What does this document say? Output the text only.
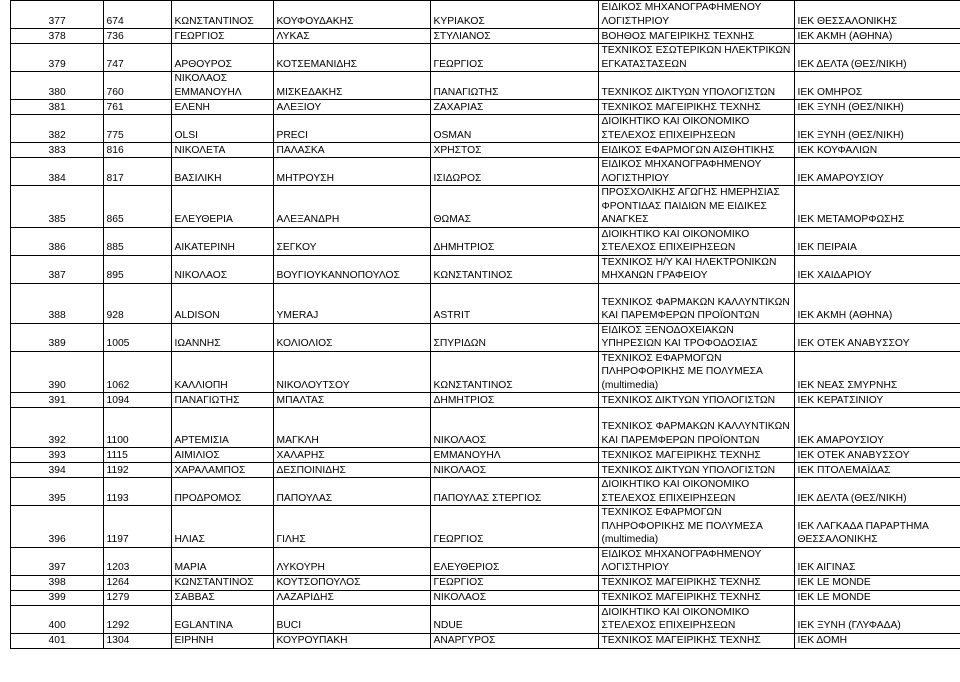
	377	674	ΚΩΝΣΤΑΝΤΙΝΟΣ	ΚΟΥΦΟΥΔΑΚΗΣ	ΚΥΡΙΑΚΟΣ	ΕΙΔΙΚΟΣ ΜΗΧΑΝΟΓΡΑΦΗΜΕΝΟΥ ΛΟΓΙΣΤΗΡΙΟΥ	ΙΕΚ ΘΕΣΣΑΛΟΝΙΚΗΣ
	378	736	ΓΕΩΡΓΙΟΣ	ΛΥΚΑΣ	ΣΤΥΛΙΑΝΟΣ	ΒΟΗΘΟΣ ΜΑΓΕΙΡΙΚΗΣ ΤΕΧΝΗΣ	ΙΕΚ ΑΚΜΗ (ΑΘΗΝΑ)
	379	747	ΑΡΘΟΥΡΟΣ	ΚΟΤΣΕΜΑΝΙΔΗΣ	ΓΕΩΡΓΙΟΣ	ΤΕΧΝΙΚΟΣ ΕΣΩΤΕΡΙΚΩΝ ΗΛΕΚΤΡΙΚΩΝ ΕΓΚΑΤΑΣΤΑΣΕΩΝ	ΙΕΚ ΔΕΛΤΑ (ΘΕΣ/ΝΙΚΗ)
	380	760	ΝΙΚΟΛΑΟΣ ΕΜΜΑΝΟΥΗΛ	ΜΙΣΚΕΔΑΚΗΣ	ΠΑΝΑΓΙΩΤΗΣ	ΤΕΧΝΙΚΟΣ ΔΙΚΤΥΩΝ ΥΠΟΛΟΓΙΣΤΩΝ	ΙΕΚ ΟΜΗΡΟΣ
	381	761	ΕΛΕΝΗ	ΑΛΕΞΙΟΥ	ΖΑΧΑΡΙΑΣ	ΤΕΧΝΙΚΟΣ ΜΑΓΕΙΡΙΚΗΣ ΤΕΧΝΗΣ	ΙΕΚ ΞΥΝΗ (ΘΕΣ/ΝΙΚΗ)
	382	775	OLSI	PRECI	OSMAN	ΔΙΟΙΚΗΤΙΚΟ ΚΑΙ ΟΙΚΟΝΟΜΙΚΟ ΣΤΕΛΕΧΟΣ ΕΠΙΧΕΙΡΗΣΕΩΝ	ΙΕΚ ΞΥΝΗ (ΘΕΣ/ΝΙΚΗ)
	383	816	ΝΙΚΟΛΕΤΑ	ΠΑΛΑΣΚΑ	ΧΡΗΣΤΟΣ	ΕΙΔΙΚΟΣ ΕΦΑΡΜΟΓΩΝ ΑΙΣΘΗΤΙΚΗΣ	ΙΕΚ ΚΟΥΦΑΛΙΩΝ
	384	817	ΒΑΣΙΛΙΚΗ	ΜΗΤΡΟΥΣΗ	ΙΣΙΔΩΡΟΣ	ΕΙΔΙΚΟΣ ΜΗΧΑΝΟΓΡΑΦΗΜΕΝΟΥ ΛΟΓΙΣΤΗΡΙΟΥ	ΙΕΚ ΑΜΑΡΟΥΣΙΟΥ
	385	865	ΕΛΕΥΘΕΡΙΑ	ΑΛΕΞΑΝΔΡΗ	ΘΩΜΑΣ	ΠΡΟΣΧΟΛΙΚΗΣ ΑΓΩΓΗΣ ΗΜΕΡΗΣΙΑΣ ΦΡΟΝΤΙΔΑΣ ΠΑΙΔΙΩΝ ΜΕ ΕΙΔΙΚΕΣ ΑΝΑΓΚΕΣ	ΙΕΚ ΜΕΤΑΜΟΡΦΩΣΗΣ
	386	885	ΑΙΚΑΤΕΡΙΝΗ	ΣΕΓΚΟΥ	ΔΗΜΗΤΡΙΟΣ	ΔΙΟΙΚΗΤΙΚΟ ΚΑΙ ΟΙΚΟΝΟΜΙΚΟ ΣΤΕΛΕΧΟΣ ΕΠΙΧΕΙΡΗΣΕΩΝ	ΙΕΚ ΠΕΙΡΑΙΑ
	387	895	ΝΙΚΟΛΑΟΣ	ΒΟΥΓΙΟΥΚΑΝΝΟΠΟΥΛΟΣ	ΚΩΝΣΤΑΝΤΙΝΟΣ	ΤΕΧΝΙΚΟΣ Η/Υ ΚΑΙ ΗΛΕΚΤΡΟΝΙΚΩΝ ΜΗΧΑΝΩΝ ΓΡΑΦΕΙΟΥ	ΙΕΚ ΧΑΙΔΑΡΙΟΥ
	388	928	ALDISON	YMERAJ	ASTRIT	ΤΕΧΝΙΚΟΣ ΦΑΡΜΑΚΩΝ ΚΑΛΛΥΝΤΙΚΩΝ ΚΑΙ ΠΑΡΕΜΦΕΡΩΝ ΠΡΟΪΟΝΤΩΝ	ΙΕΚ ΑΚΜΗ (ΑΘΗΝΑ)
	389	1005	ΙΩΑΝΝΗΣ	ΚΟΛΙΟΛΙΟΣ	ΣΠΥΡΙΔΩΝ	ΕΙΔΙΚΟΣ ΞΕΝΟΔΟΧΕΙΑΚΩΝ ΥΠΗΡΕΣΙΩΝ ΚΑΙ ΤΡΟΦΟΔΟΣΙΑΣ	ΙΕΚ ΟΤΕΚ ΑΝΑΒΥΣΣΟΥ
	390	1062	ΚΑΛΛΙΟΠΗ	ΝΙΚΟΛΟΥΤΣΟΥ	ΚΩΝΣΤΑΝΤΙΝΟΣ	ΤΕΧΝΙΚΟΣ ΕΦΑΡΜΟΓΩΝ ΠΛΗΡΟΦΟΡΙΚΗΣ ΜΕ ΠΟΛΥΜΕΣΑ (multimedia)	ΙΕΚ ΝΕΑΣ ΣΜΥΡΝΗΣ
	391	1094	ΠΑΝΑΓΙΩΤΗΣ	ΜΠΑΛΤΑΣ	ΔΗΜΗΤΡΙΟΣ	ΤΕΧΝΙΚΟΣ ΔΙΚΤΥΩΝ ΥΠΟΛΟΓΙΣΤΩΝ	ΙΕΚ ΚΕΡΑΤΣΙΝΙΟΥ
	392	1100	ΑΡΤΕΜΙΣΙΑ	ΜΑΓΚΛΗ	ΝΙΚΟΛΑΟΣ	ΤΕΧΝΙΚΟΣ ΦΑΡΜΑΚΩΝ ΚΑΛΛΥΝΤΙΚΩΝ ΚΑΙ ΠΑΡΕΜΦΕΡΩΝ ΠΡΟΪΟΝΤΩΝ	ΙΕΚ ΑΜΑΡΟΥΣΙΟΥ
	393	1115	ΑΙΜΙΛΙΟΣ	ΧΑΛΑΡΗΣ	ΕΜΜΑΝΟΥΗΛ	ΤΕΧΝΙΚΟΣ ΜΑΓΕΙΡΙΚΗΣ ΤΕΧΝΗΣ	ΙΕΚ ΟΤΕΚ ΑΝΑΒΥΣΣΟΥ
	394	1192	ΧΑΡΑΛΑΜΠΟΣ	ΔΕΣΠΟΙΝΙΔΗΣ	ΝΙΚΟΛΑΟΣ	ΤΕΧΝΙΚΟΣ ΔΙΚΤΥΩΝ ΥΠΟΛΟΓΙΣΤΩΝ	ΙΕΚ ΠΤΟΛΕΜΑΪΔΑΣ
	395	1193	ΠΡΟΔΡΟΜΟΣ	ΠΑΠΟΥΛΑΣ	ΠΑΠΟΥΛΑΣ ΣΤΕΡΓΙΟΣ	ΔΙΟΙΚΗΤΙΚΟ ΚΑΙ ΟΙΚΟΝΟΜΙΚΟ ΣΤΕΛΕΧΟΣ ΕΠΙΧΕΙΡΗΣΕΩΝ	ΙΕΚ ΔΕΛΤΑ (ΘΕΣ/ΝΙΚΗ)
	396	1197	ΗΛΙΑΣ	ΓΙΛΗΣ	ΓΕΩΡΓΙΟΣ	ΤΕΧΝΙΚΟΣ ΕΦΑΡΜΟΓΩΝ ΠΛΗΡΟΦΟΡΙΚΗΣ ΜΕ ΠΟΛΥΜΕΣΑ (multimedia)	ΙΕΚ ΛΑΓΚΑΔΑ ΠΑΡΑΡΤΗΜΑ ΘΕΣΣΑΛΟΝΙΚΗΣ
	397	1203	ΜΑΡΙΑ	ΛΥΚΟΥΡΗ	ΕΛΕΥΘΕΡΙΟΣ	ΕΙΔΙΚΟΣ ΜΗΧΑΝΟΓΡΑΦΗΜΕΝΟΥ ΛΟΓΙΣΤΗΡΙΟΥ	ΙΕΚ ΑΙΓΙΝΑΣ
	398	1264	ΚΩΝΣΤΑΝΤΙΝΟΣ	ΚΟΥΤΣΟΠΟΥΛΟΣ	ΓΕΩΡΓΙΟΣ	ΤΕΧΝΙΚΟΣ ΜΑΓΕΙΡΙΚΗΣ ΤΕΧΝΗΣ	ΙΕΚ LE MONDE
	399	1279	ΣΑΒΒΑΣ	ΛΑΖΑΡΙΔΗΣ	ΝΙΚΟΛΑΟΣ	ΤΕΧΝΙΚΟΣ ΜΑΓΕΙΡΙΚΗΣ ΤΕΧΝΗΣ	ΙΕΚ LE MONDE
	400	1292	EGLANTINA	BUCI	NDUE	ΔΙΟΙΚΗΤΙΚΟ ΚΑΙ ΟΙΚΟΝΟΜΙΚΟ ΣΤΕΛΕΧΟΣ ΕΠΙΧΕΙΡΗΣΕΩΝ	ΙΕΚ ΞΥΝΗ (ΓΛΥΦΑΔΑ)
	401	1304	ΕΙΡΗΝΗ	ΚΟΥΡΟΥΠΑΚΗ	ΑΝΑΡΓΥΡΟΣ	ΤΕΧΝΙΚΟΣ ΜΑΓΕΙΡΙΚΗΣ ΤΕΧΝΗΣ	ΙΕΚ ΔΟΜΗ
